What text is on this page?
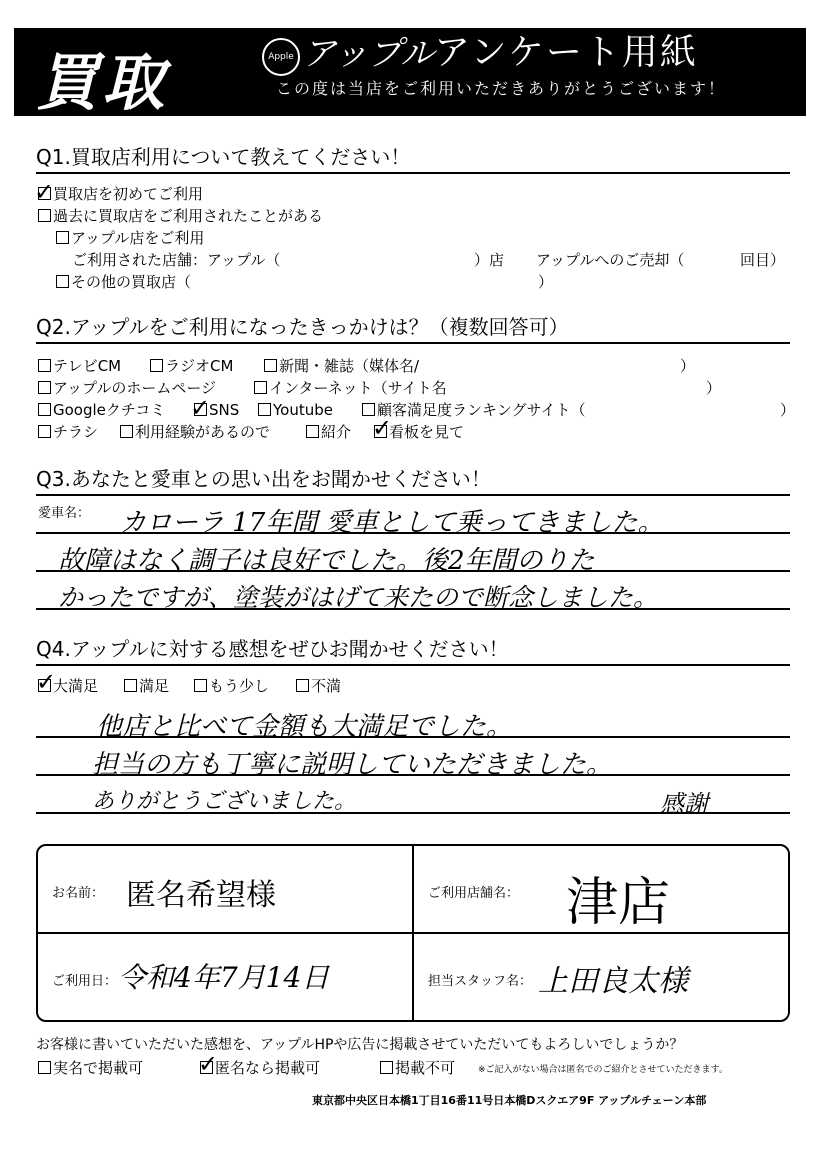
買取	Apple アップル アンケート用紙
この度は当店をご利用いただきありがとうございます！
Q1.買取店利用について教えてください！
買取店を初めてご利用
✓
過去に買取店をご利用されたことがある
アップル店をご利用
ご利用された店舗：アップル（	）店 アップルへのご売却（	回目）
その他の買取店（	）
Q2.アップルをご利用になったきっかけは？（複数回答可）
テレビCM	ラジオCM	新聞・雑誌（媒体名/	）
アップルのホームページ	インターネット（サイト名	）
Googleクチコミ	SNS
✓	Youtube	顧客満足度ランキングサイト（	）
チラシ	利用経験があるので	紹介	看板を見て
✓
Q3.あなたと愛車との思い出をお聞かせください！
愛車名： カローラ 17年間 愛車として乗ってきました。
故障はなく調子は良好でした。後2年間のりた
かったですが、塗装がはげて来たので断念しました。
Q4.アップルに対する感想をぜひお聞かせください！
大満足
✓	満足	もう少し	不満
他店と比べて金額も大満足でした。
担当の方も丁寧に説明していただきました。
ありがとうございました。	感謝
お名前： 匿名希望様	ご利用店舗名： 津店
ご利用日： 令和4年7月14日	担当スタッフ名： 上田良太様
お客様に書いていただいた感想を、アップルHPや広告に掲載させていただいてもよろしいでしょうか？
実名で掲載可	匿名なら掲載可
✓	掲載不可	※ご記入がない場合は匿名でのご紹介とさせていただきます。
東京都中央区日本橋1丁目16番11号日本橋Dスクエア9F アップルチェーン本部
